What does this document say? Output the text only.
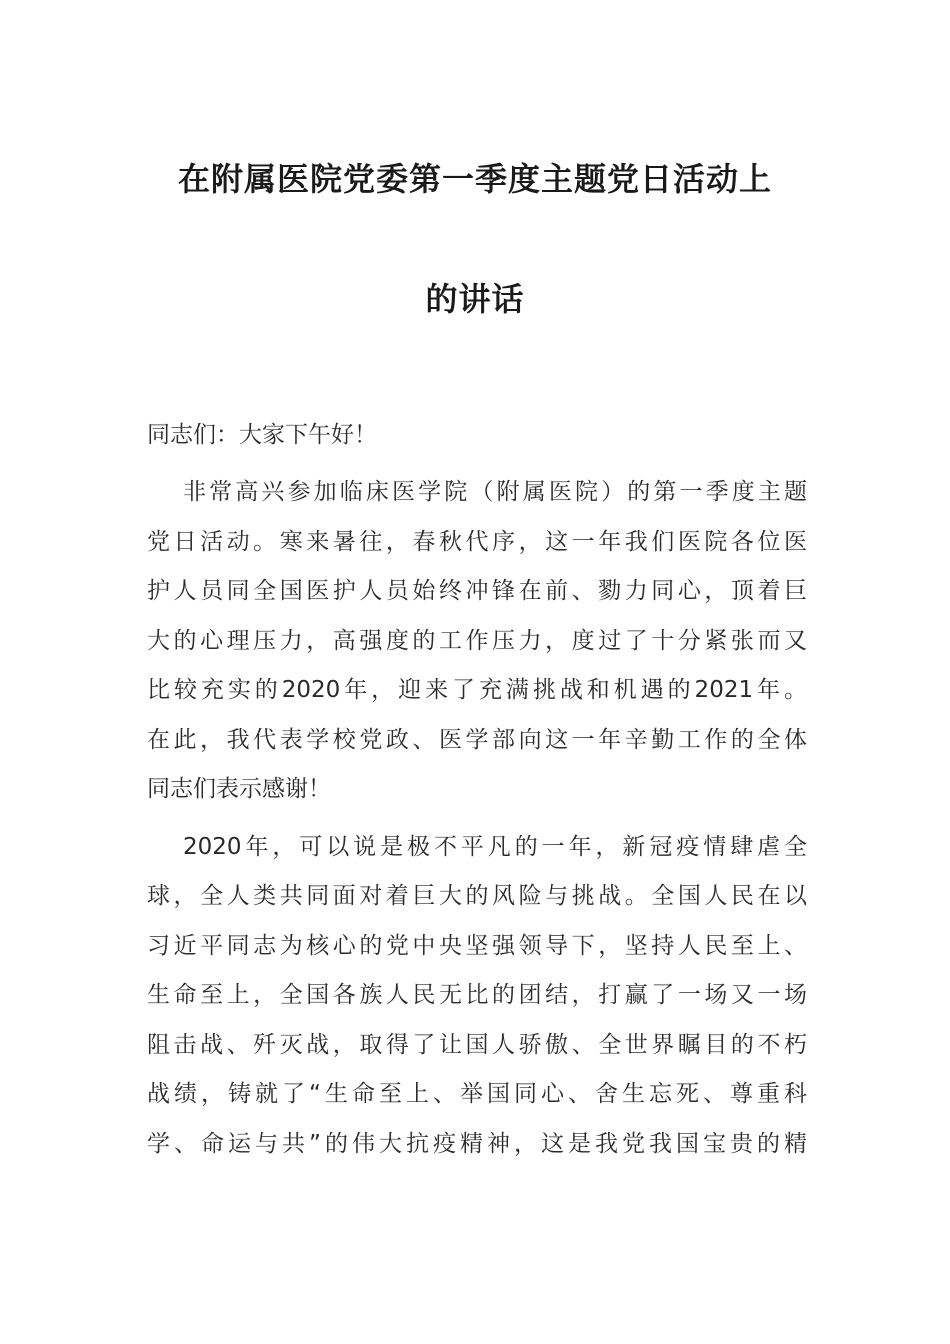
在附属医院党委第一季度主题党日活动上
的讲话
同志们：大家下午好！
非常高兴参加临床医学院（附属医院）的第一季度主题
党日活动。寒来暑往，春秋代序，这一年我们医院各位医
护人员同全国医护人员始终冲锋在前、勠力同心，顶着巨
大的心理压力，高强度的工作压力，度过了十分紧张而又
比较充实的2020年，迎来了充满挑战和机遇的2021年。
在此，我代表学校党政、医学部向这一年辛勤工作的全体
同志们表示感谢！
2020年，可以说是极不平凡的一年，新冠疫情肆虐全
球，全人类共同面对着巨大的风险与挑战。全国人民在以
习近平同志为核心的党中央坚强领导下，坚持人民至上、
生命至上，全国各族人民无比的团结，打赢了一场又一场
阻击战、歼灭战，取得了让国人骄傲、全世界瞩目的不朽
战绩，铸就了“生命至上、举国同心、舍生忘死、尊重科
学、命运与共”的伟大抗疫精神，这是我党我国宝贵的精
